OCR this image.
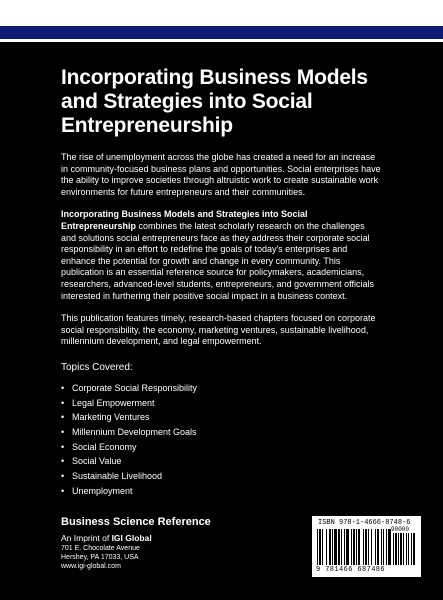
Incorporating Business Models and Strategies into Social Entrepreneurship

The rise of unemployment across the globe has created a need for an increase in community-focused business plans and opportunities. Social enterprises have the ability to improve societies through altruistic work to create sustainable work environments for future entrepreneurs and their communities.

Incorporating Business Models and Strategies into Social Entrepreneurship combines the latest scholarly research on the challenges and solutions social entrepreneurs face as they address their corporate social responsibility in an effort to redefine the goals of today's enterprises and enhance the potential for growth and change in every community. This publication is an essential reference source for policymakers, academicians, researchers, advanced-level students, entrepreneurs, and government officials interested in furthering their positive social impact in a business context.

This publication features timely, research-based chapters focused on corporate social responsibility, the economy, marketing ventures, sustainable livelihood, millennium development, and legal empowerment.

Topics Covered:
• Corporate Social Responsibility
• Legal Empowerment
• Marketing Ventures
• Millennium Development Goals
• Social Economy
• Social Value
• Sustainable Livelihood
• Unemployment
Business Science Reference
An Imprint of IGI Global
701 E. Chocolate Avenue
Hershey, PA 17033, USA
www.igi-global.com
ISBN 978-1-4666-8748-6
90000
9 781466 687486
